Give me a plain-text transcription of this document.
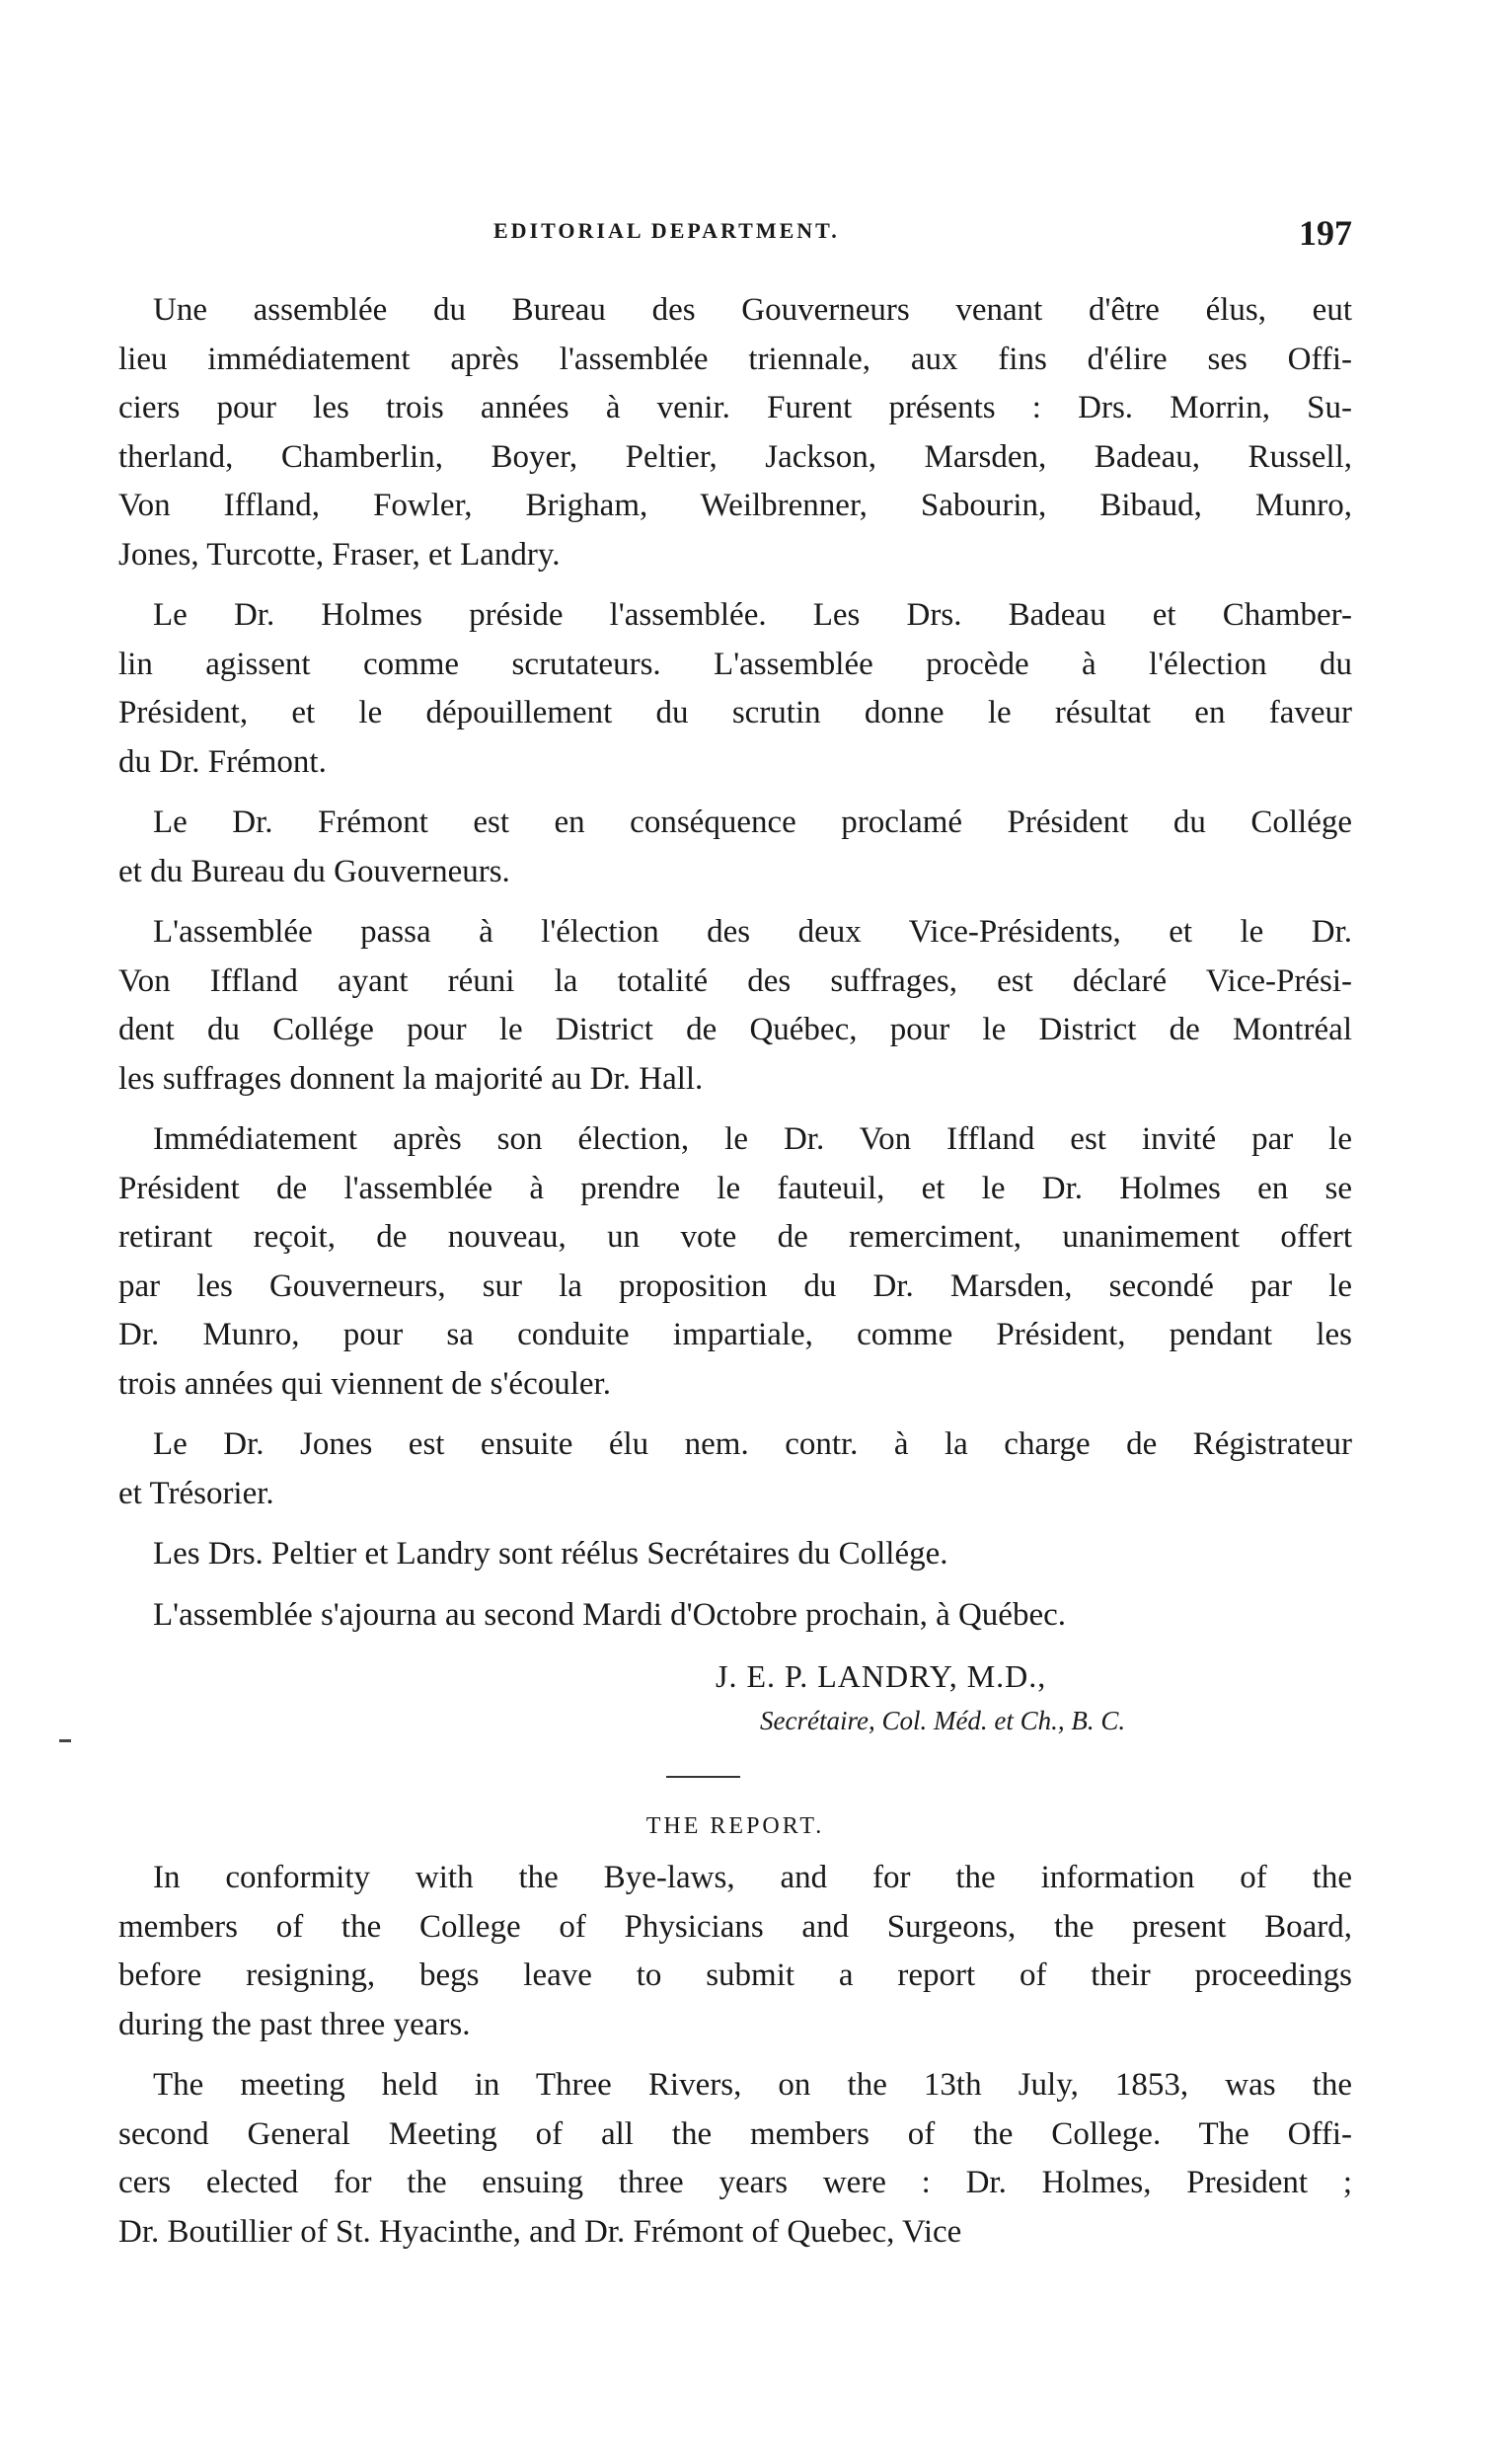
EDITORIAL DEPARTMENT.	197
Une assemblée du Bureau des Gouverneurs venant d'être élus, eut
lieu immédiatement après l'assemblée triennale, aux fins d'élire ses Offi-
ciers pour les trois années à venir. Furent présents : Drs. Morrin, Su-
therland, Chamberlin, Boyer, Peltier, Jackson, Marsden, Badeau, Russell,
Von Iffland, Fowler, Brigham, Weilbrenner, Sabourin, Bibaud, Munro,
Jones, Turcotte, Fraser, et Landry.
Le Dr. Holmes préside l'assemblée. Les Drs. Badeau et Chamber-
lin agissent comme scrutateurs. L'assemblée procède à l'élection du
Président, et le dépouillement du scrutin donne le résultat en faveur
du Dr. Frémont.
Le Dr. Frémont est en conséquence proclamé Président du Collége
et du Bureau du Gouverneurs.
L'assemblée passa à l'élection des deux Vice-Présidents, et le Dr.
Von Iffland ayant réuni la totalité des suffrages, est déclaré Vice-Prési-
dent du Collége pour le District de Québec, pour le District de Montréal
les suffrages donnent la majorité au Dr. Hall.
Immédiatement après son élection, le Dr. Von Iffland est invité par le
Président de l'assemblée à prendre le fauteuil, et le Dr. Holmes en se
retirant reçoit, de nouveau, un vote de remerciment, unanimement offert
par les Gouverneurs, sur la proposition du Dr. Marsden, secondé par le
Dr. Munro, pour sa conduite impartiale, comme Président, pendant les
trois années qui viennent de s'écouler.
Le Dr. Jones est ensuite élu nem. contr. à la charge de Régistrateur
et Trésorier.
Les Drs. Peltier et Landry sont réélus Secrétaires du Collége.
L'assemblée s'ajourna au second Mardi d'Octobre prochain, à Québec.
J. E. P. LANDRY, M.D.,
Secrétaire, Col. Méd. et Ch., B. C.
THE REPORT.
In conformity with the Bye-laws, and for the information of the
members of the College of Physicians and Surgeons, the present Board,
before resigning, begs leave to submit a report of their proceedings
during the past three years.
The meeting held in Three Rivers, on the 13th July, 1853, was the
second General Meeting of all the members of the College. The Offi-
cers elected for the ensuing three years were : Dr. Holmes, President ;
Dr. Boutillier of St. Hyacinthe, and Dr. Frémont of Quebec, Vice
